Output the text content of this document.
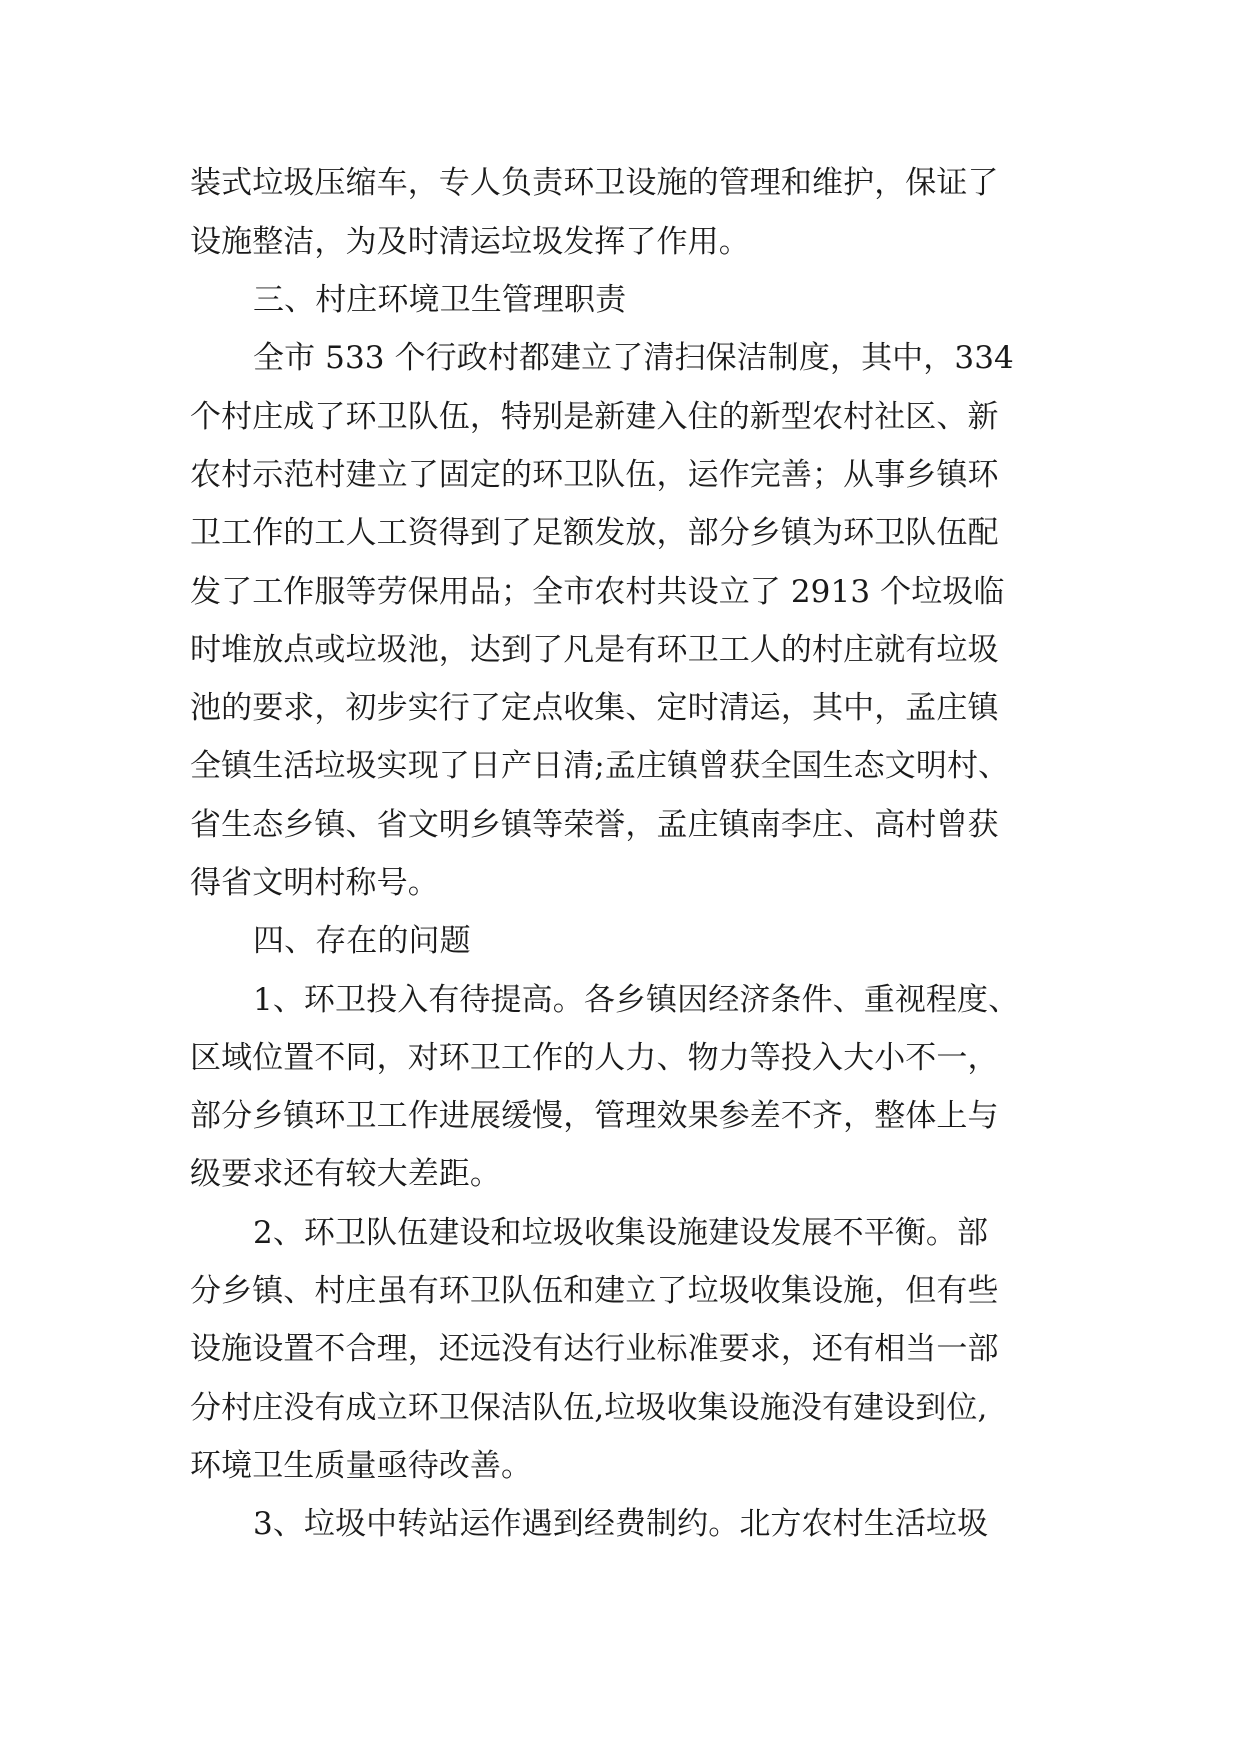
装式垃圾压缩车，专人负责环卫设施的管理和维护，保证了

设施整洁，为及时清运垃圾发挥了作用。

三、村庄环境卫生管理职责

全市 533 个行政村都建立了清扫保洁制度，其中，334

个村庄成了环卫队伍，特别是新建入住的新型农村社区、新

农村示范村建立了固定的环卫队伍，运作完善；从事乡镇环

卫工作的工人工资得到了足额发放，部分乡镇为环卫队伍配

发了工作服等劳保用品；全市农村共设立了 2913 个垃圾临

时堆放点或垃圾池，达到了凡是有环卫工人的村庄就有垃圾

池的要求，初步实行了定点收集、定时清运，其中，孟庄镇

全镇生活垃圾实现了日产日清;孟庄镇曾获全国生态文明村、

省生态乡镇、省文明乡镇等荣誉，孟庄镇南李庄、高村曾获

得省文明村称号。

四、存在的问题

1、环卫投入有待提高。各乡镇因经济条件、重视程度、

区域位置不同，对环卫工作的人力、物力等投入大小不一，

部分乡镇环卫工作进展缓慢，管理效果参差不齐，整体上与

级要求还有较大差距。

2、环卫队伍建设和垃圾收集设施建设发展不平衡。部

分乡镇、村庄虽有环卫队伍和建立了垃圾收集设施，但有些

设施设置不合理，还远没有达行业标准要求，还有相当一部

分村庄没有成立环卫保洁队伍,垃圾收集设施没有建设到位,

环境卫生质量亟待改善。

3、垃圾中转站运作遇到经费制约。北方农村生活垃圾
